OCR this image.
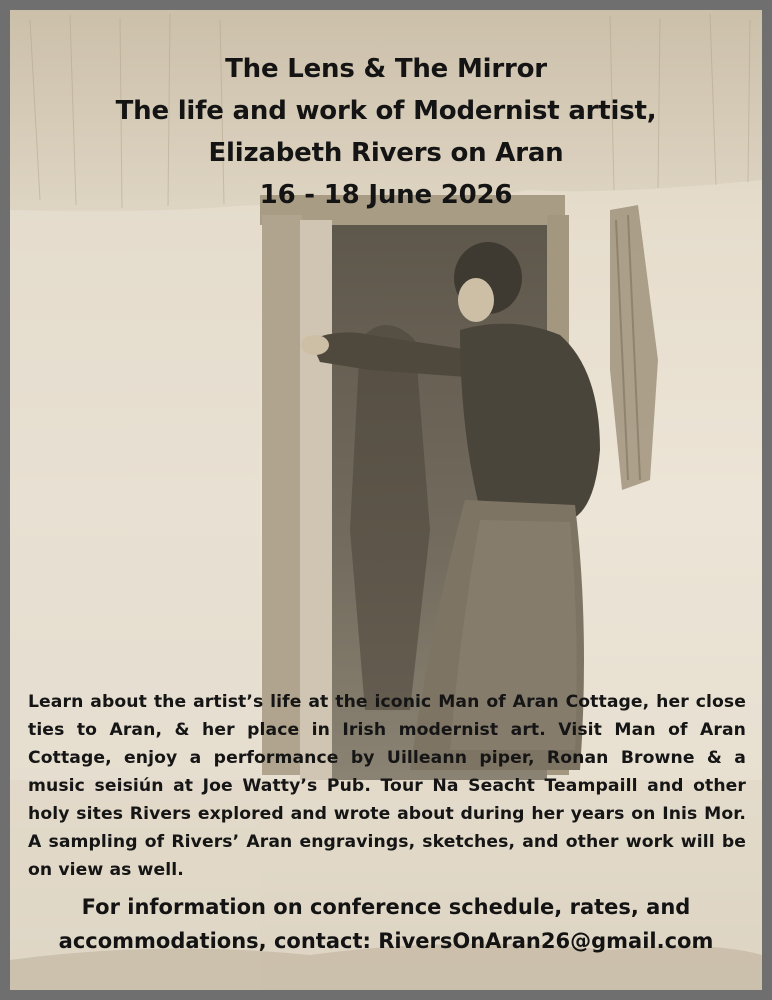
The Lens & The Mirror
The life and work of Modernist artist,
Elizabeth Rivers on Aran
16 - 18 June 2026
Learn about the artist’s life at the iconic Man of Aran Cottage, her close ties to Aran, & her place in Irish modernist art. Visit Man of Aran Cottage, enjoy a performance by Uilleann piper, Ronan Browne & a music seisiún at Joe Watty’s Pub. Tour Na Seacht Teampaill and other holy sites Rivers explored and wrote about during her years on Inis Mor. A sampling of Rivers’ Aran engravings, sketches, and other work will be on view as well.
For information on conference schedule, rates, and
accommodations, contact: RiversOnAran26@gmail.com
